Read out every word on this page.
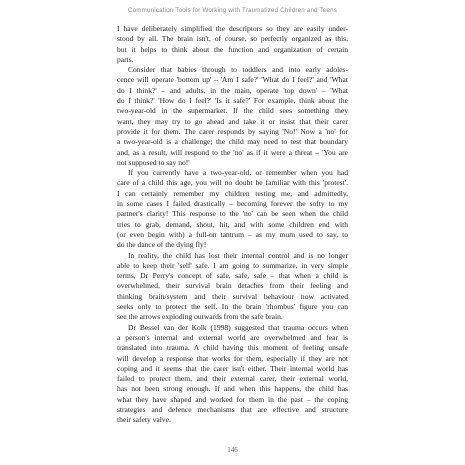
Communication Tools for Working with Traumatized Children and Teens
I have deliberately simplified the descriptors so they are easily under-
stood by all. The brain isn't, of course, so perfectly organized as this,
but it helps to think about the function and organization of certain
parts.
Consider that babies through to toddlers and into early adoles-
cence will operate 'bottom up' – 'Am I safe?' 'What do I feel?' and 'What
do I think?' – and adults, in the main, operate 'top down' – 'What
do I think?' 'How do I feel?' 'Is it safe?' For example, think about the
two-year-old in the supermarket. If the child sees something they
want, they may try to go ahead and take it or insist that their carer
provide it for them. The carer responds by saying 'No!' Now a 'no' for
a two-year-old is a challenge; the child may need to test that boundary
and, as a result, will respond to the 'no' as if it were a threat – 'You are
not supposed to say no!'
If you currently have a two-year-old, or remember when you had
care of a child this age, you will no doubt be familiar with this 'protest'.
I can certainly remember my children testing me, and admittedly,
in some cases I failed drastically – becoming forever the softy to my
partner's clarity! This response to the 'no' can be seen when the child
tries to grab, demand, shout, hit, and with some children end with
(or even begin with) a full-on tantrum – as my mum used to say, to
do the dance of the dying fly!
In reality, the child has lost their internal control and is no longer
able to keep their 'self' safe. I am going to summarize, in very simple
terms, Dr Perry's concept of safe, safe, safe – that when a child is
overwhelmed, their survival brain detaches from their feeling and
thinking brain/system and their survival behaviour now activated
seeks only to protect the self. In the brain 'rhombus' figure you can
see the arrows exploding outwards from the safe brain.
Dr Bessel van der Kolk (1998) suggested that trauma occurs when
a person's internal and external world are overwhelmed and fear is
translated into trauma. A child having this moment of feeling unsafe
will develop a response that works for them, especially if they are not
coping and it seems that the carer isn't either. Their internal world has
failed to protect them, and their external carer, their external world,
has not been strong enough. If and when this happens, the child has
what they have shaped and worked for them in the past – the coping
strategies and defence mechanisms that are effective and structure
their safety valve.
146
